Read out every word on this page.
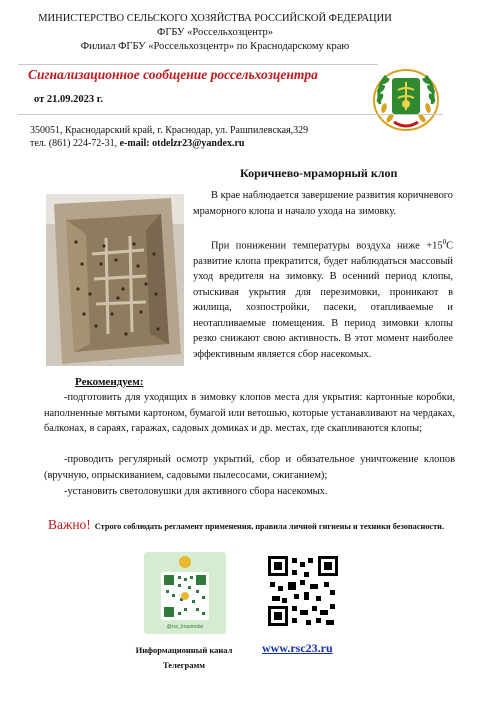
МИНИСТЕРСТВО СЕЛЬСКОГО ХОЗЯЙСТВА РОССИЙСКОЙ ФЕДЕРАЦИИ
ФГБУ «Россельхозцентр»
Филиал ФГБУ «Россельхозцентр» по Краснодарскому краю
Сигнализационное сообщение россельхозцентра
от 21.09.2023 г.
350051, Краснодарский край, г. Краснодар, ул. Рашпилевская,329
тел. (861) 224-72-31, e-mail: otdelzr23@yandex.ru
Коричнево-мраморный клоп
В крае наблюдается завершение развития коричневого мраморного клопа и начало ухода на зимовку.
При понижении температуры воздуха ниже $+15^0С$ развитие клопа прекратится, будет наблюдаться массовый уход вредителя на зимовку. В осенний период клопы, отыскивая укрытия для перезимовки, проникают в жилища, хозпостройки, пасеки, отапливаемые и неотапливаемые помещения. В период зимовки клопы резко снижают свою активность. В этот момент наиболее эффективным является сбор насекомых.
Рекомендуем:
-подготовить для уходящих в зимовку клопов места для укрытия: картонные коробки, наполненные мятыми картоном, бумагой или ветошью, которые устанавливают на чердаках, балконах, в сараях, гаражах, садовых домиках и др. местах, где скапливаются клопы;
-проводить регулярный осмотр укрытий, сбор и обязательное уничтожение клопов (вручную, опрыскиванием, садовыми пылесосами, сжиганием);
-установить светоловушки для активного сбора насекомых.
Важно! Строго соблюдать регламент применения, правила личной гигиены и техники безопасности.
@rsc_krasnodar
Информационный канал
Телеграмм
www.rsc23.ru
